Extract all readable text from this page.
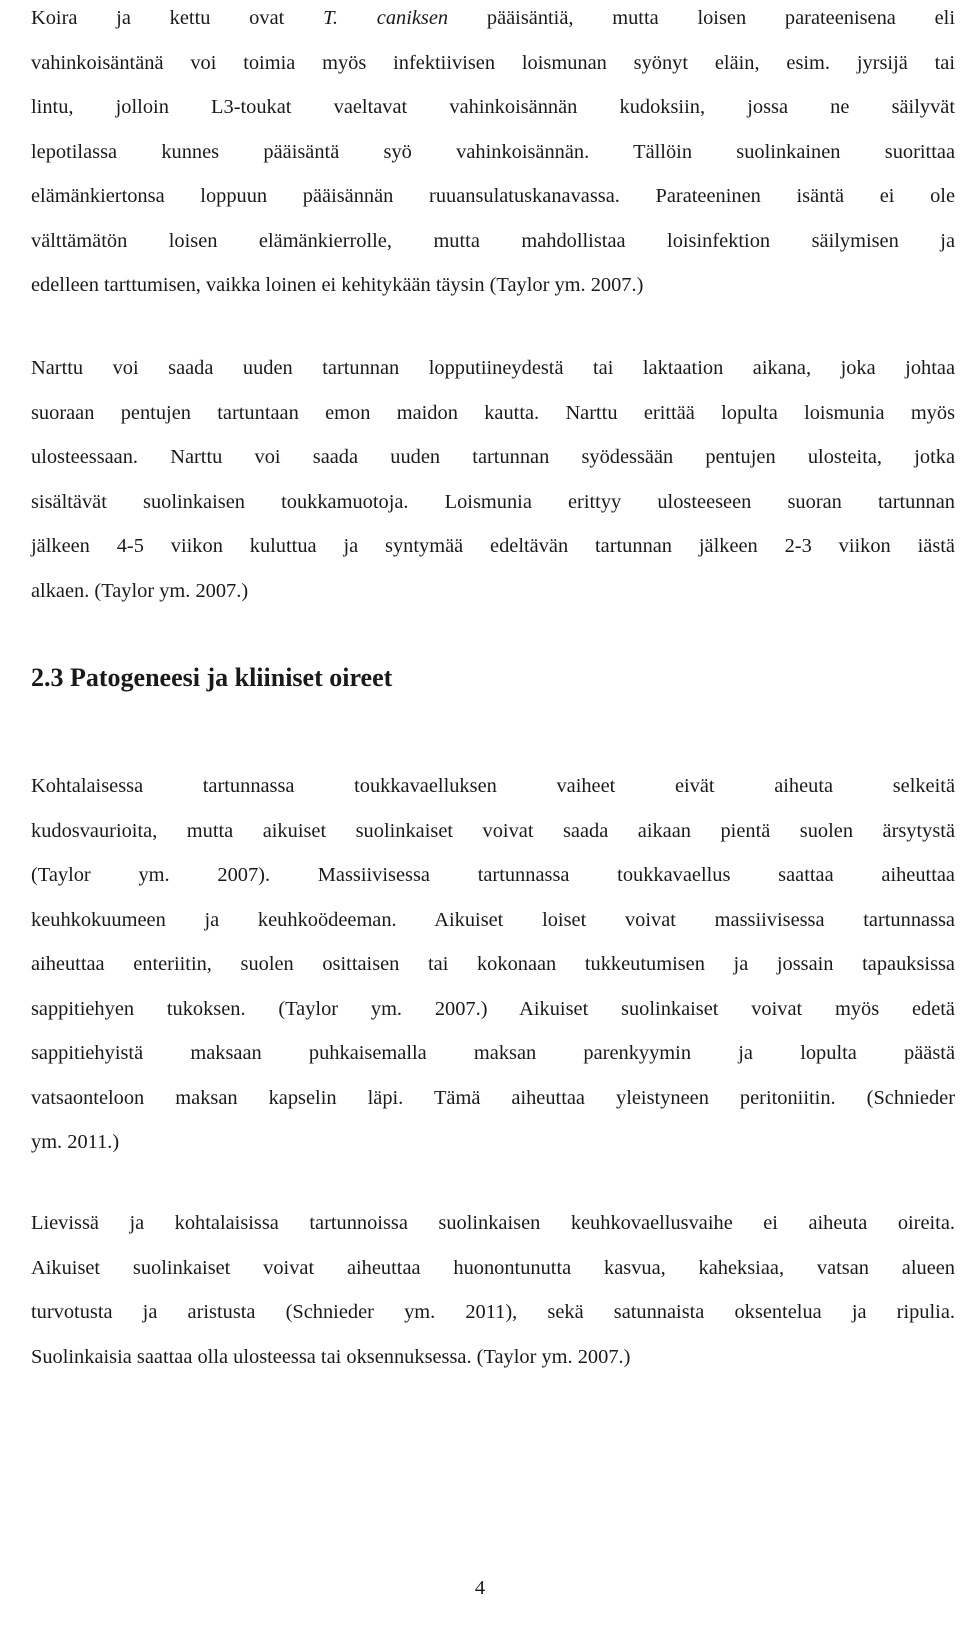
Koira ja kettu ovat T. caniksen pääisäntiä, mutta loisen parateenisena eli
vahinkoisäntänä voi toimia myös infektiivisen loismunan syönyt eläin, esim. jyrsijä tai
lintu, jolloin L3-toukat vaeltavat vahinkoisännän kudoksiin, jossa ne säilyvät
lepotilassa kunnes pääisäntä syö vahinkoisännän. Tällöin suolinkainen suorittaa
elämänkiertonsa loppuun pääisännän ruuansulatuskanavassa. Parateeninen isäntä ei ole
välttämätön loisen elämänkierrolle, mutta mahdollistaa loisinfektion säilymisen ja
edelleen tarttumisen, vaikka loinen ei kehitykään täysin (Taylor ym. 2007.)
Narttu voi saada uuden tartunnan lopputiineydestä tai laktaation aikana, joka johtaa
suoraan pentujen tartuntaan emon maidon kautta. Narttu erittää lopulta loismunia myös
ulosteessaan. Narttu voi saada uuden tartunnan syödessään pentujen ulosteita, jotka
sisältävät suolinkaisen toukkamuotoja. Loismunia erittyy ulosteeseen suoran tartunnan
jälkeen 4-5 viikon kuluttua ja syntymää edeltävän tartunnan jälkeen 2-3 viikon iästä
alkaen. (Taylor ym. 2007.)
2.3 Patogeneesi ja kliiniset oireet
Kohtalaisessa tartunnassa toukkavaelluksen vaiheet eivät aiheuta selkeitä
kudosvaurioita, mutta aikuiset suolinkaiset voivat saada aikaan pientä suolen ärsytystä
(Taylor ym. 2007). Massiivisessa tartunnassa toukkavaellus saattaa aiheuttaa
keuhkokuumeen ja keuhkoödeeman. Aikuiset loiset voivat massiivisessa tartunnassa
aiheuttaa enteriitin, suolen osittaisen tai kokonaan tukkeutumisen ja jossain tapauksissa
sappitiehyen tukoksen. (Taylor ym. 2007.) Aikuiset suolinkaiset voivat myös edetä
sappitiehyistä maksaan puhkaisemalla maksan parenkyymin ja lopulta päästä
vatsaonteloon maksan kapselin läpi. Tämä aiheuttaa yleistyneen peritoniitin. (Schnieder
ym. 2011.)
Lievissä ja kohtalaisissa tartunnoissa suolinkaisen keuhkovaellusvaihe ei aiheuta oireita.
Aikuiset suolinkaiset voivat aiheuttaa huonontunutta kasvua, kaheksiaa, vatsan alueen
turvotusta ja aristusta (Schnieder ym. 2011), sekä satunnaista oksentelua ja ripulia.
Suolinkaisia saattaa olla ulosteessa tai oksennuksessa. (Taylor ym. 2007.)
4
